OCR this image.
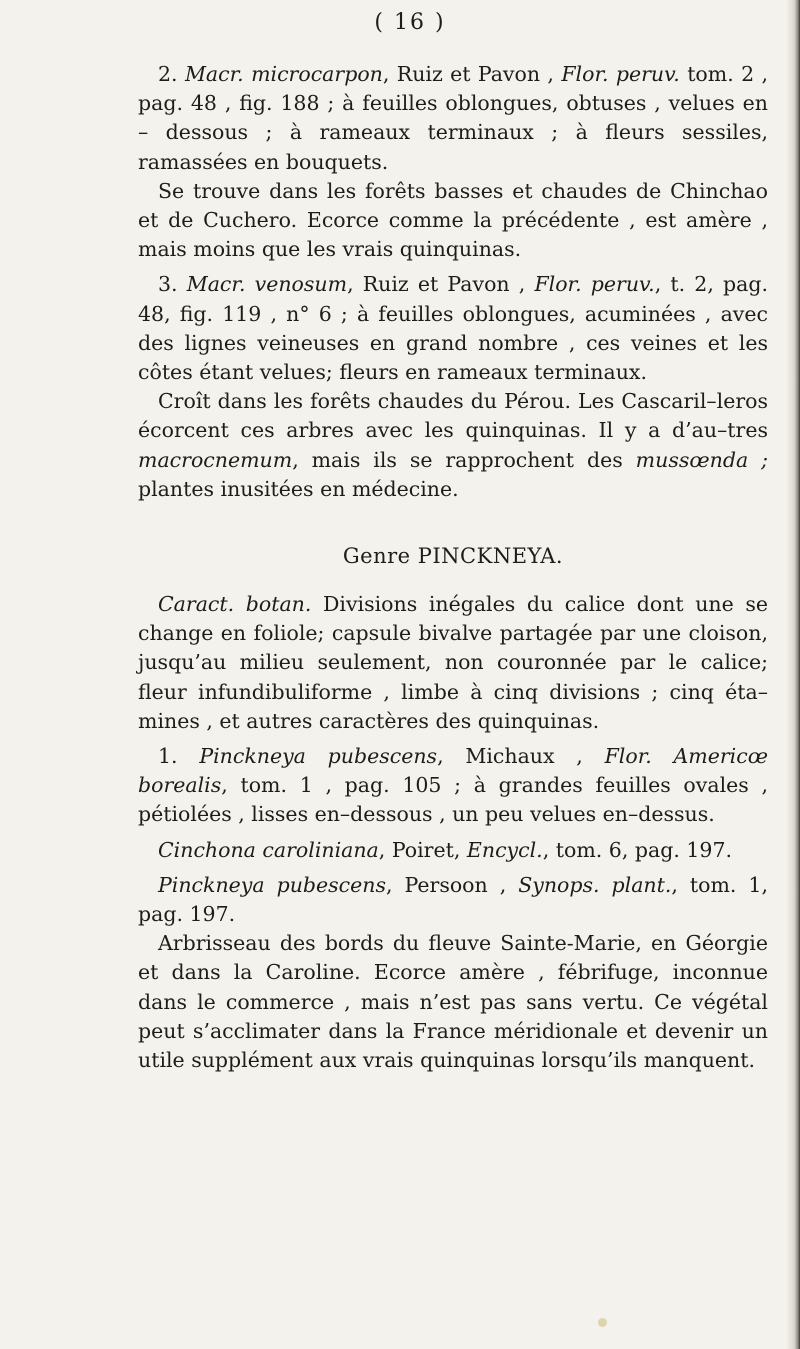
( 16 )

2. Macr. microcarpon, Ruiz et Pavon , Flor. peruv. tom. 2 , pag. 48 , fig. 188 ; à feuilles oblongues, obtuses , velues en – dessous ; à rameaux terminaux ; à fleurs sessiles, ramassées en bouquets.

Se trouve dans les forêts basses et chaudes de Chinchao et de Cuchero. Ecorce comme la précédente , est amère , mais moins que les vrais quinquinas.

3. Macr. venosum, Ruiz et Pavon , Flor. peruv., t. 2, pag. 48, fig. 119 , n° 6 ; à feuilles oblongues, acuminées , avec des lignes veineuses en grand nombre , ces veines et les côtes étant velues; fleurs en rameaux terminaux.

Croît dans les forêts chaudes du Pérou. Les Cascaril–leros écorcent ces arbres avec les quinquinas. Il y a d’au–tres macrocnemum, mais ils se rapprochent des mussœnda ; plantes inusitées en médecine.

Genre PINCKNEYA.

Caract. botan. Divisions inégales du calice dont une se change en foliole; capsule bivalve partagée par une cloison, jusqu’au milieu seulement, non couronnée par le calice; fleur infundibuliforme , limbe à cinq divisions ; cinq éta–mines , et autres caractères des quinquinas.

1. Pinckneya pubescens, Michaux , Flor. Americœ borealis, tom. 1 , pag. 105 ; à grandes feuilles ovales , pétiolées , lisses en–dessous , un peu velues en–dessus.

Cinchona caroliniana, Poiret, Encycl., tom. 6, pag. 197.

Pinckneya pubescens, Persoon , Synops. plant., tom. 1, pag. 197.

Arbrisseau des bords du fleuve Sainte-Marie, en Géorgie et dans la Caroline. Ecorce amère , fébrifuge, inconnue dans le commerce , mais n’est pas sans vertu. Ce végétal peut s’acclimater dans la France méridionale et devenir un utile supplément aux vrais quinquinas lorsqu’ils manquent.
